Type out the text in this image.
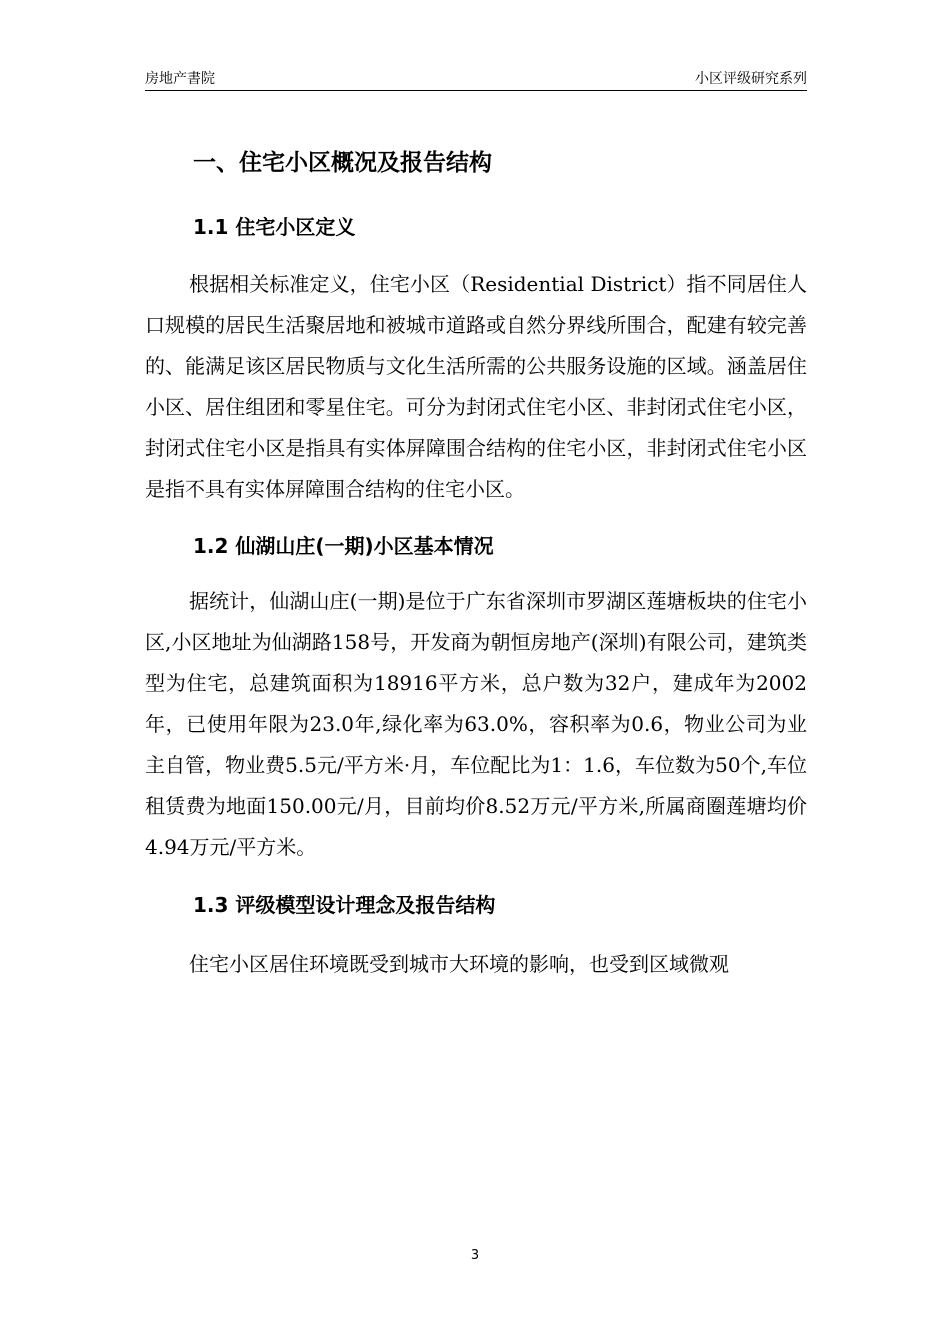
房地产書院	小区评级研究系列
一、住宅小区概况及报告结构
1.1 住宅小区定义

根据相关标准定义，住宅小区（Residential District）指不同居住人口规模的居民生活聚居地和被城市道路或自然分界线所围合，配建有较完善的、能满足该区居民物质与文化生活所需的公共服务设施的区域。涵盖居住小区、居住组团和零星住宅。可分为封闭式住宅小区、非封闭式住宅小区，封闭式住宅小区是指具有实体屏障围合结构的住宅小区，非封闭式住宅小区是指不具有实体屏障围合结构的住宅小区。

1.2 仙湖山庄(一期)小区基本情况

据统计，仙湖山庄(一期)是位于广东省深圳市罗湖区莲塘板块的住宅小区,小区地址为仙湖路158号，开发商为朝恒房地产(深圳)有限公司，建筑类型为住宅，总建筑面积为18916平方米，总户数为32户，建成年为2002年，已使用年限为23.0年,绿化率为63.0%，容积率为0.6，物业公司为业主自管，物业费5.5元/平方米·月，车位配比为1：1.6，车位数为50个,车位租赁费为地面150.00元/月，目前均价8.52万元/平方米,所属商圈莲塘均价4.94万元/平方米。

1.3 评级模型设计理念及报告结构

住宅小区居住环境既受到城市大环境的影响，也受到区域微观

3
